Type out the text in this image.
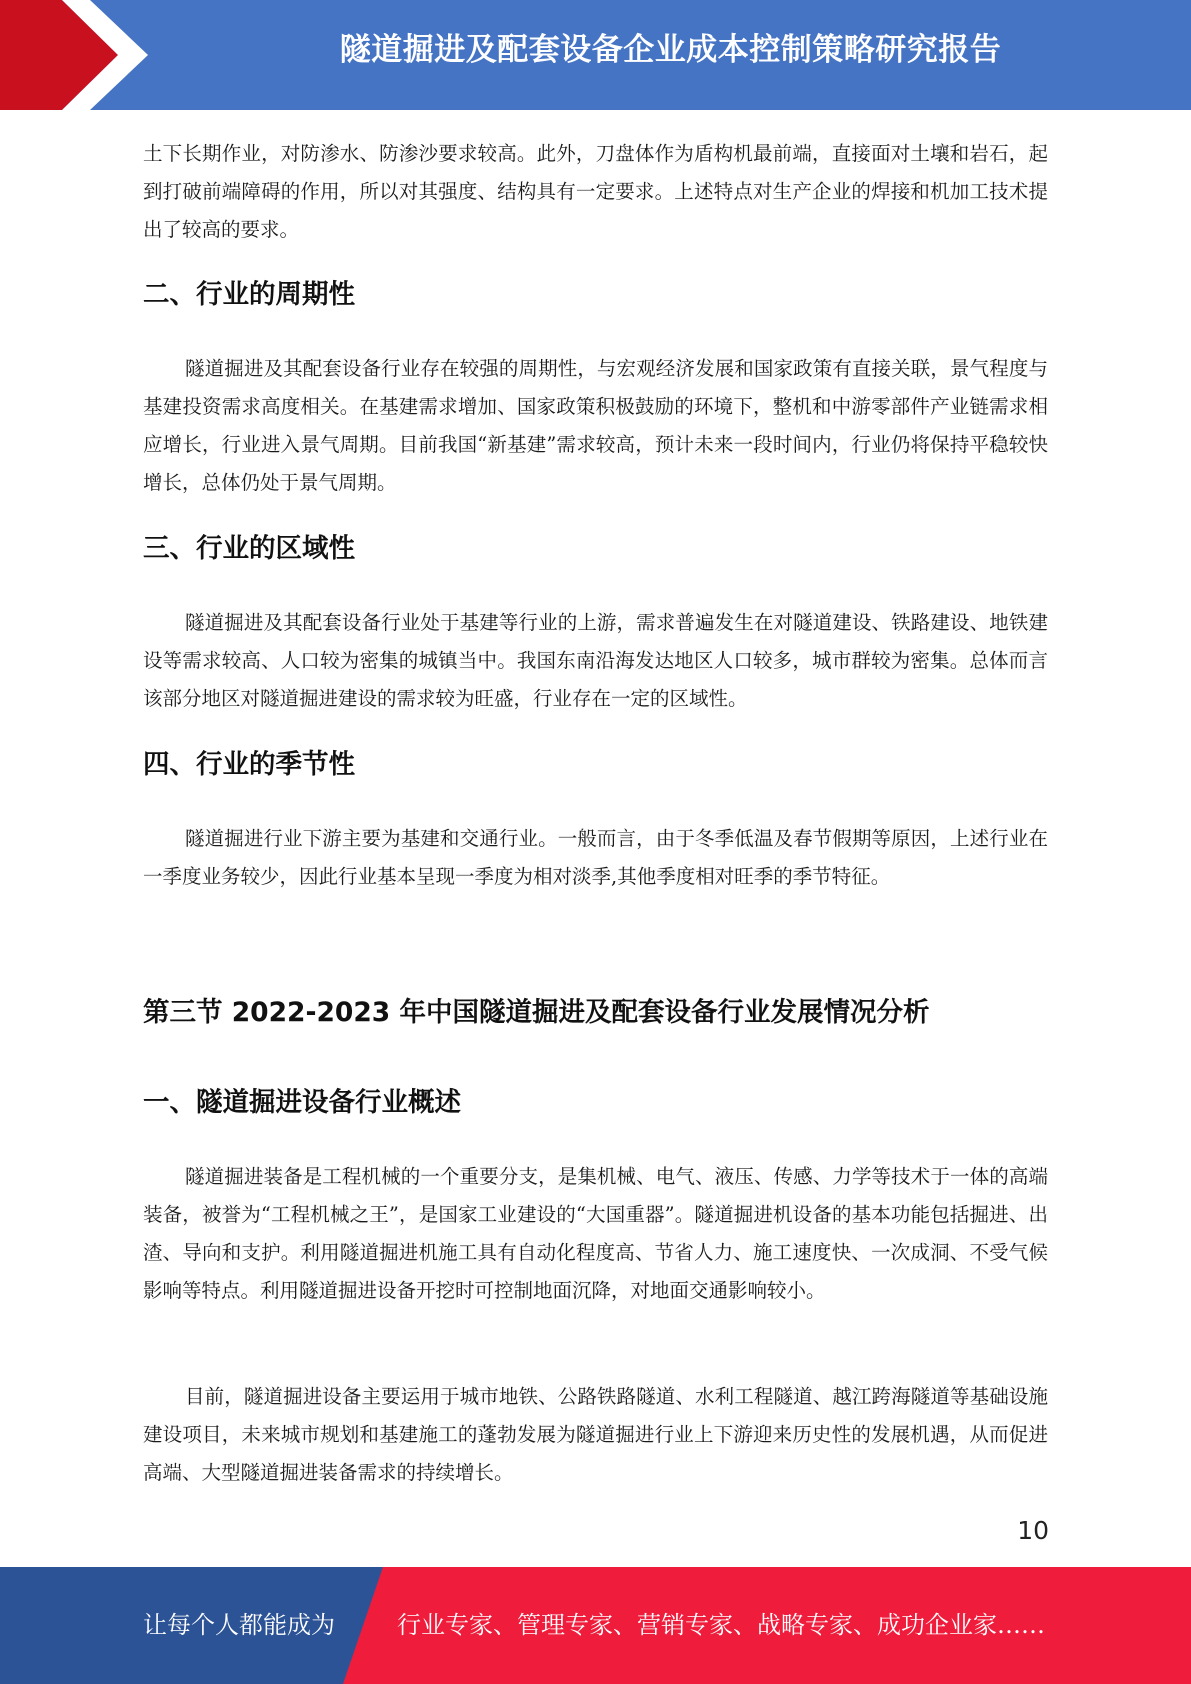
隧道掘进及配套设备企业成本控制策略研究报告

土下长期作业，对防渗水、防渗沙要求较高。此外，刀盘体作为盾构机最前端，直接面对土壤和岩石，起到打破前端障碍的作用，所以对其强度、结构具有一定要求。上述特点对生产企业的焊接和机加工技术提出了较高的要求。

二、行业的周期性

隧道掘进及其配套设备行业存在较强的周期性，与宏观经济发展和国家政策有直接关联，景气程度与基建投资需求高度相关。在基建需求增加、国家政策积极鼓励的环境下，整机和中游零部件产业链需求相应增长，行业进入景气周期。目前我国“新基建”需求较高，预计未来一段时间内，行业仍将保持平稳较快增长，总体仍处于景气周期。

三、行业的区域性

隧道掘进及其配套设备行业处于基建等行业的上游，需求普遍发生在对隧道建设、铁路建设、地铁建设等需求较高、人口较为密集的城镇当中。我国东南沿海发达地区人口较多，城市群较为密集。总体而言该部分地区对隧道掘进建设的需求较为旺盛，行业存在一定的区域性。

四、行业的季节性

隧道掘进行业下游主要为基建和交通行业。一般而言，由于冬季低温及春节假期等原因，上述行业在一季度业务较少，因此行业基本呈现一季度为相对淡季,其他季度相对旺季的季节特征。

第三节 2022-2023 年中国隧道掘进及配套设备行业发展情况分析
一、隧道掘进设备行业概述

隧道掘进装备是工程机械的一个重要分支，是集机械、电气、液压、传感、力学等技术于一体的高端装备，被誉为“工程机械之王”，是国家工业建设的“大国重器”。隧道掘进机设备的基本功能包括掘进、出渣、导向和支护。利用隧道掘进机施工具有自动化程度高、节省人力、施工速度快、一次成洞、不受气候影响等特点。利用隧道掘进设备开挖时可控制地面沉降，对地面交通影响较小。

目前，隧道掘进设备主要运用于城市地铁、公路铁路隧道、水利工程隧道、越江跨海隧道等基础设施建设项目，未来城市规划和基建施工的蓬勃发展为隧道掘进行业上下游迎来历史性的发展机遇，从而促进高端、大型隧道掘进装备需求的持续增长。

10
让每个人都能成为	行业专家、管理专家、营销专家、战略专家、成功企业家……
